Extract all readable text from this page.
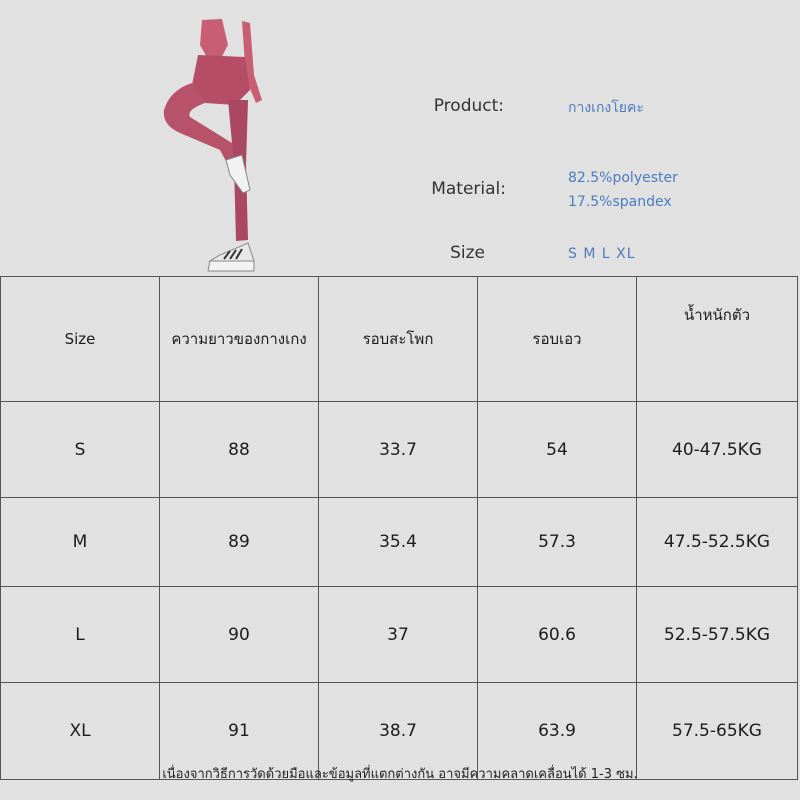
Product:	กางเกงโยคะ
Material:
82.5%polyester
17.5%spandex
Size	S M L XL
Size	ความยาวของกางเกง	รอบสะโพก	รอบเอว	น้ำหนักตัว
S	88	33.7	54	40-47.5KG
M	89	35.4	57.3	47.5-52.5KG
L	90	37	60.6	52.5-57.5KG
XL	91	38.7	63.9	57.5-65KG
เนื่องจากวิธีการวัดด้วยมือและข้อมูลที่แตกต่างกัน อาจมีความคลาดเคลื่อนได้ 1-3 ซม.
